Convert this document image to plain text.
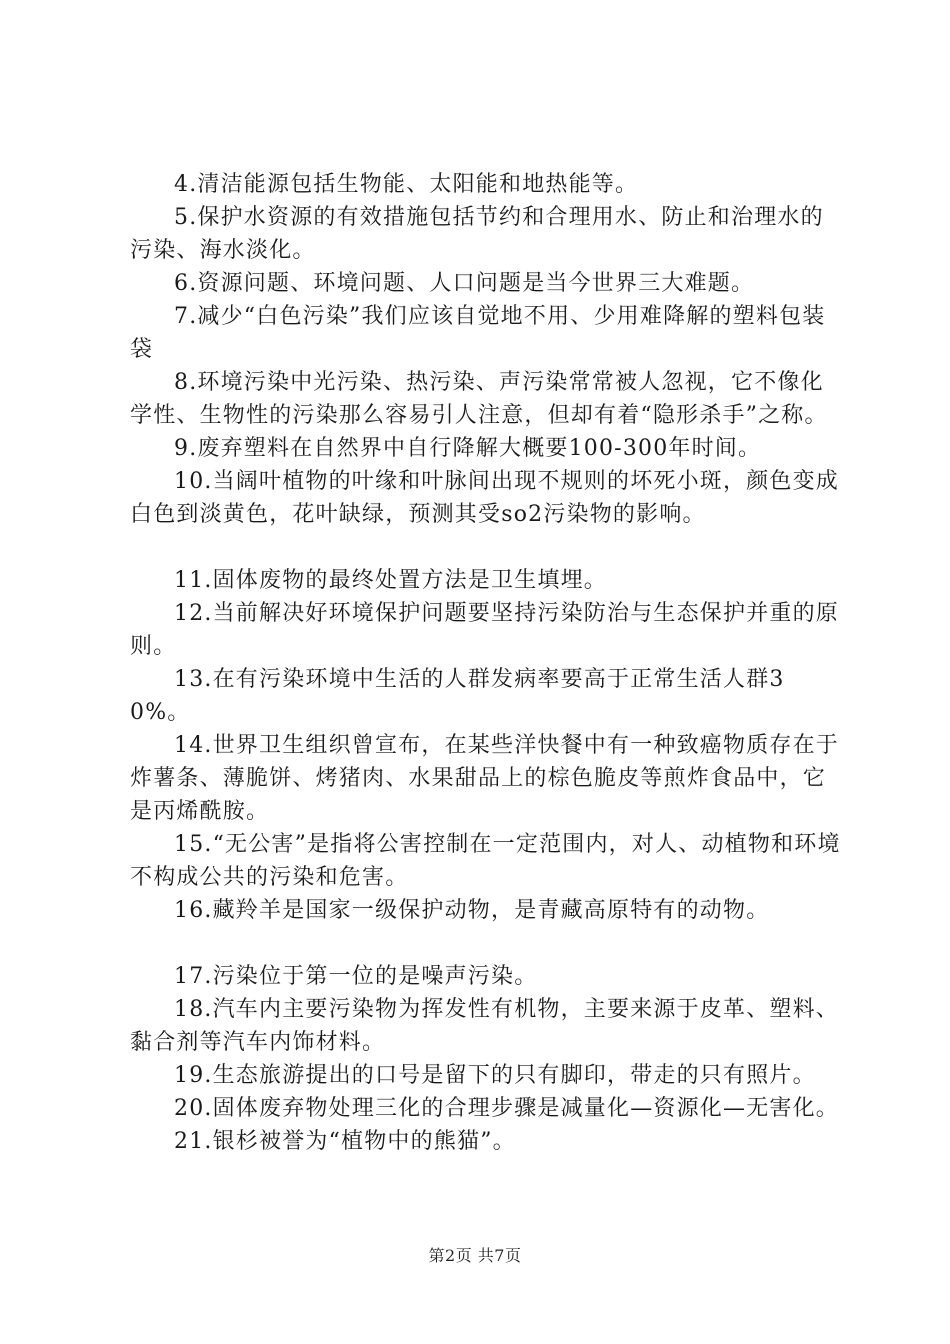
4.清洁能源包括生物能、太阳能和地热能等。

5.保护水资源的有效措施包括节约和合理用水、防止和治理水的污染、海水淡化。

6.资源问题、环境问题、人口问题是当今世界三大难题。

7.减少“白色污染”我们应该自觉地不用、少用难降解的塑料包装袋

8.环境污染中光污染、热污染、声污染常常被人忽视，它不像化学性、生物性的污染那么容易引人注意，但却有着“隐形杀手”之称。

9.废弃塑料在自然界中自行降解大概要100-300年时间。

10.当阔叶植物的叶缘和叶脉间出现不规则的坏死小斑，颜色变成白色到淡黄色，花叶缺绿，预测其受so2污染物的影响。

11.固体废物的最终处置方法是卫生填埋。

12.当前解决好环境保护问题要坚持污染防治与生态保护并重的原则。

13.在有污染环境中生活的人群发病率要高于正常生活人群30%。

14.世界卫生组织曾宣布，在某些洋快餐中有一种致癌物质存在于炸薯条、薄脆饼、烤猪肉、水果甜品上的棕色脆皮等煎炸食品中，它是丙烯酰胺。

15.“无公害”是指将公害控制在一定范围内，对人、动植物和环境不构成公共的污染和危害。

16.藏羚羊是国家一级保护动物，是青藏高原特有的动物。

17.污染位于第一位的是噪声污染。

18.汽车内主要污染物为挥发性有机物，主要来源于皮革、塑料、黏合剂等汽车内饰材料。

19.生态旅游提出的口号是留下的只有脚印，带走的只有照片。

20.固体废弃物处理三化的合理步骤是减量化—资源化—无害化。

21.银杉被誉为“植物中的熊猫”。

第2页 共7页
